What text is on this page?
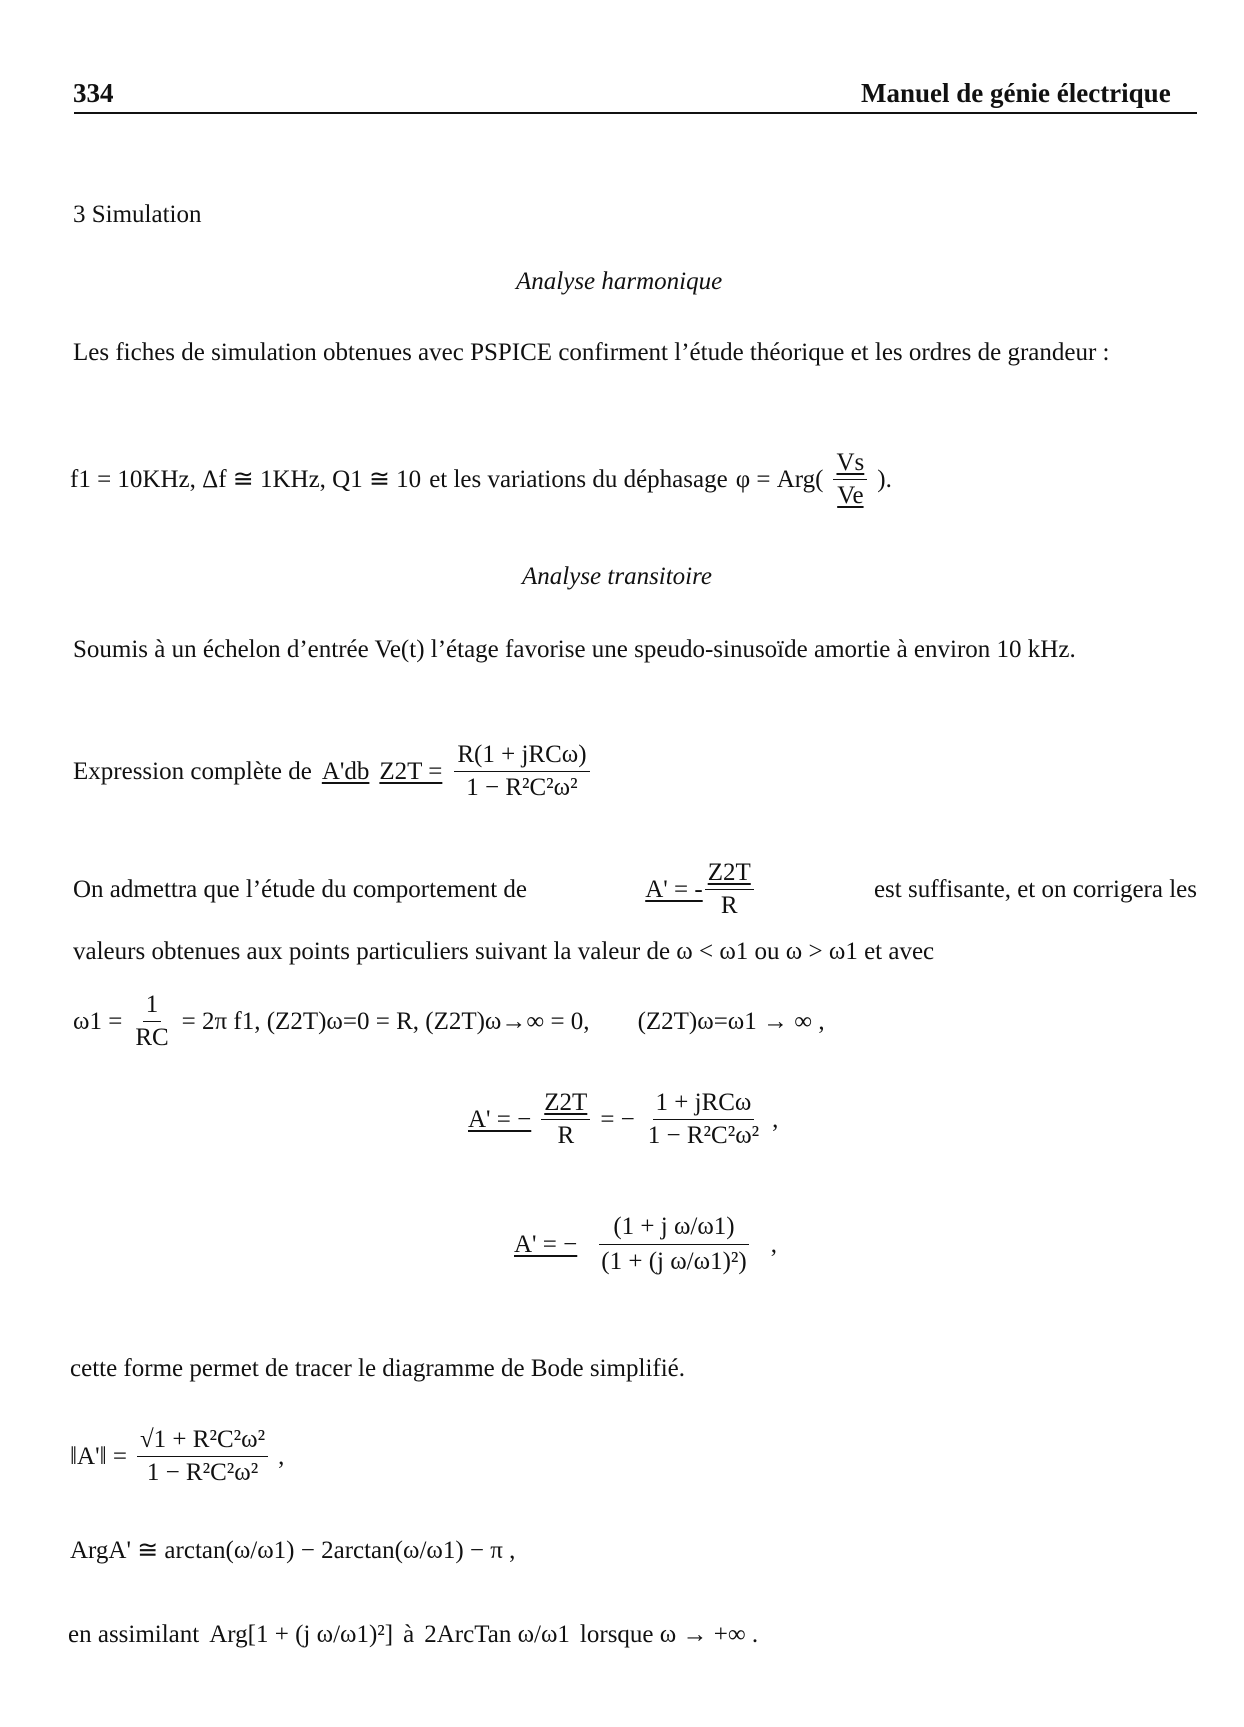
334	Manuel de génie électrique
3 Simulation
Analyse harmonique
Les fiches de simulation obtenues avec PSPICE confirment l’étude théorique et les ordres de grandeur :
f1 = 10KHz, Δf ≅ 1KHz, Q1 ≅ 10 et les variations du déphasage $\varphi = Arg( \frac{Vs}{Ve}$ ).
Analyse transitoire
Soumis à un échelon d’entrée Ve(t) l’étage favorise une speudo-sinusoïde amortie à environ 10 kHz.
Expression complète de A'db $Z2T = \frac{\text{R(1 + jRCω)}}{\text{1 − R²C²ω²}}$
On admettra que l’étude du comportement de	A' = - $\frac{Z2T}{R}$	est suffisante, et on corrigera les
valeurs obtenues aux points particuliers suivant la valeur de ω < ω1 ou ω > ω1 et avec
$\omega 1 = \frac{1}{RC} = 2\pi$ f1, (Z2T)ω=0 = R, (Z2T)ω→∞ = 0, (Z2T)ω=ω1 → ∞ ,
A' = − $\frac{Z2T}{R}$ = − $\frac{\text{1 + jRCω}}{\text{1 − R²C²ω²}}$ ,
A' = − $\frac{\text{(1 + j ω/ω1)}}{\text{(1 + (j ω/ω1)²)}}$ ,
cette forme permet de tracer le diagramme de Bode simplifié.
‖A'‖ = $\frac{\text{√1 + R²C²ω²}}{\text{1 − R²C²ω²}}$ ,
ArgA' ≅ arctan(ω/ω1) − 2arctan(ω/ω1) − π ,
en assimilant Arg[1 + (j ω/ω1)²] à 2ArcTan ω/ω1 lorsque ω → +∞ .
